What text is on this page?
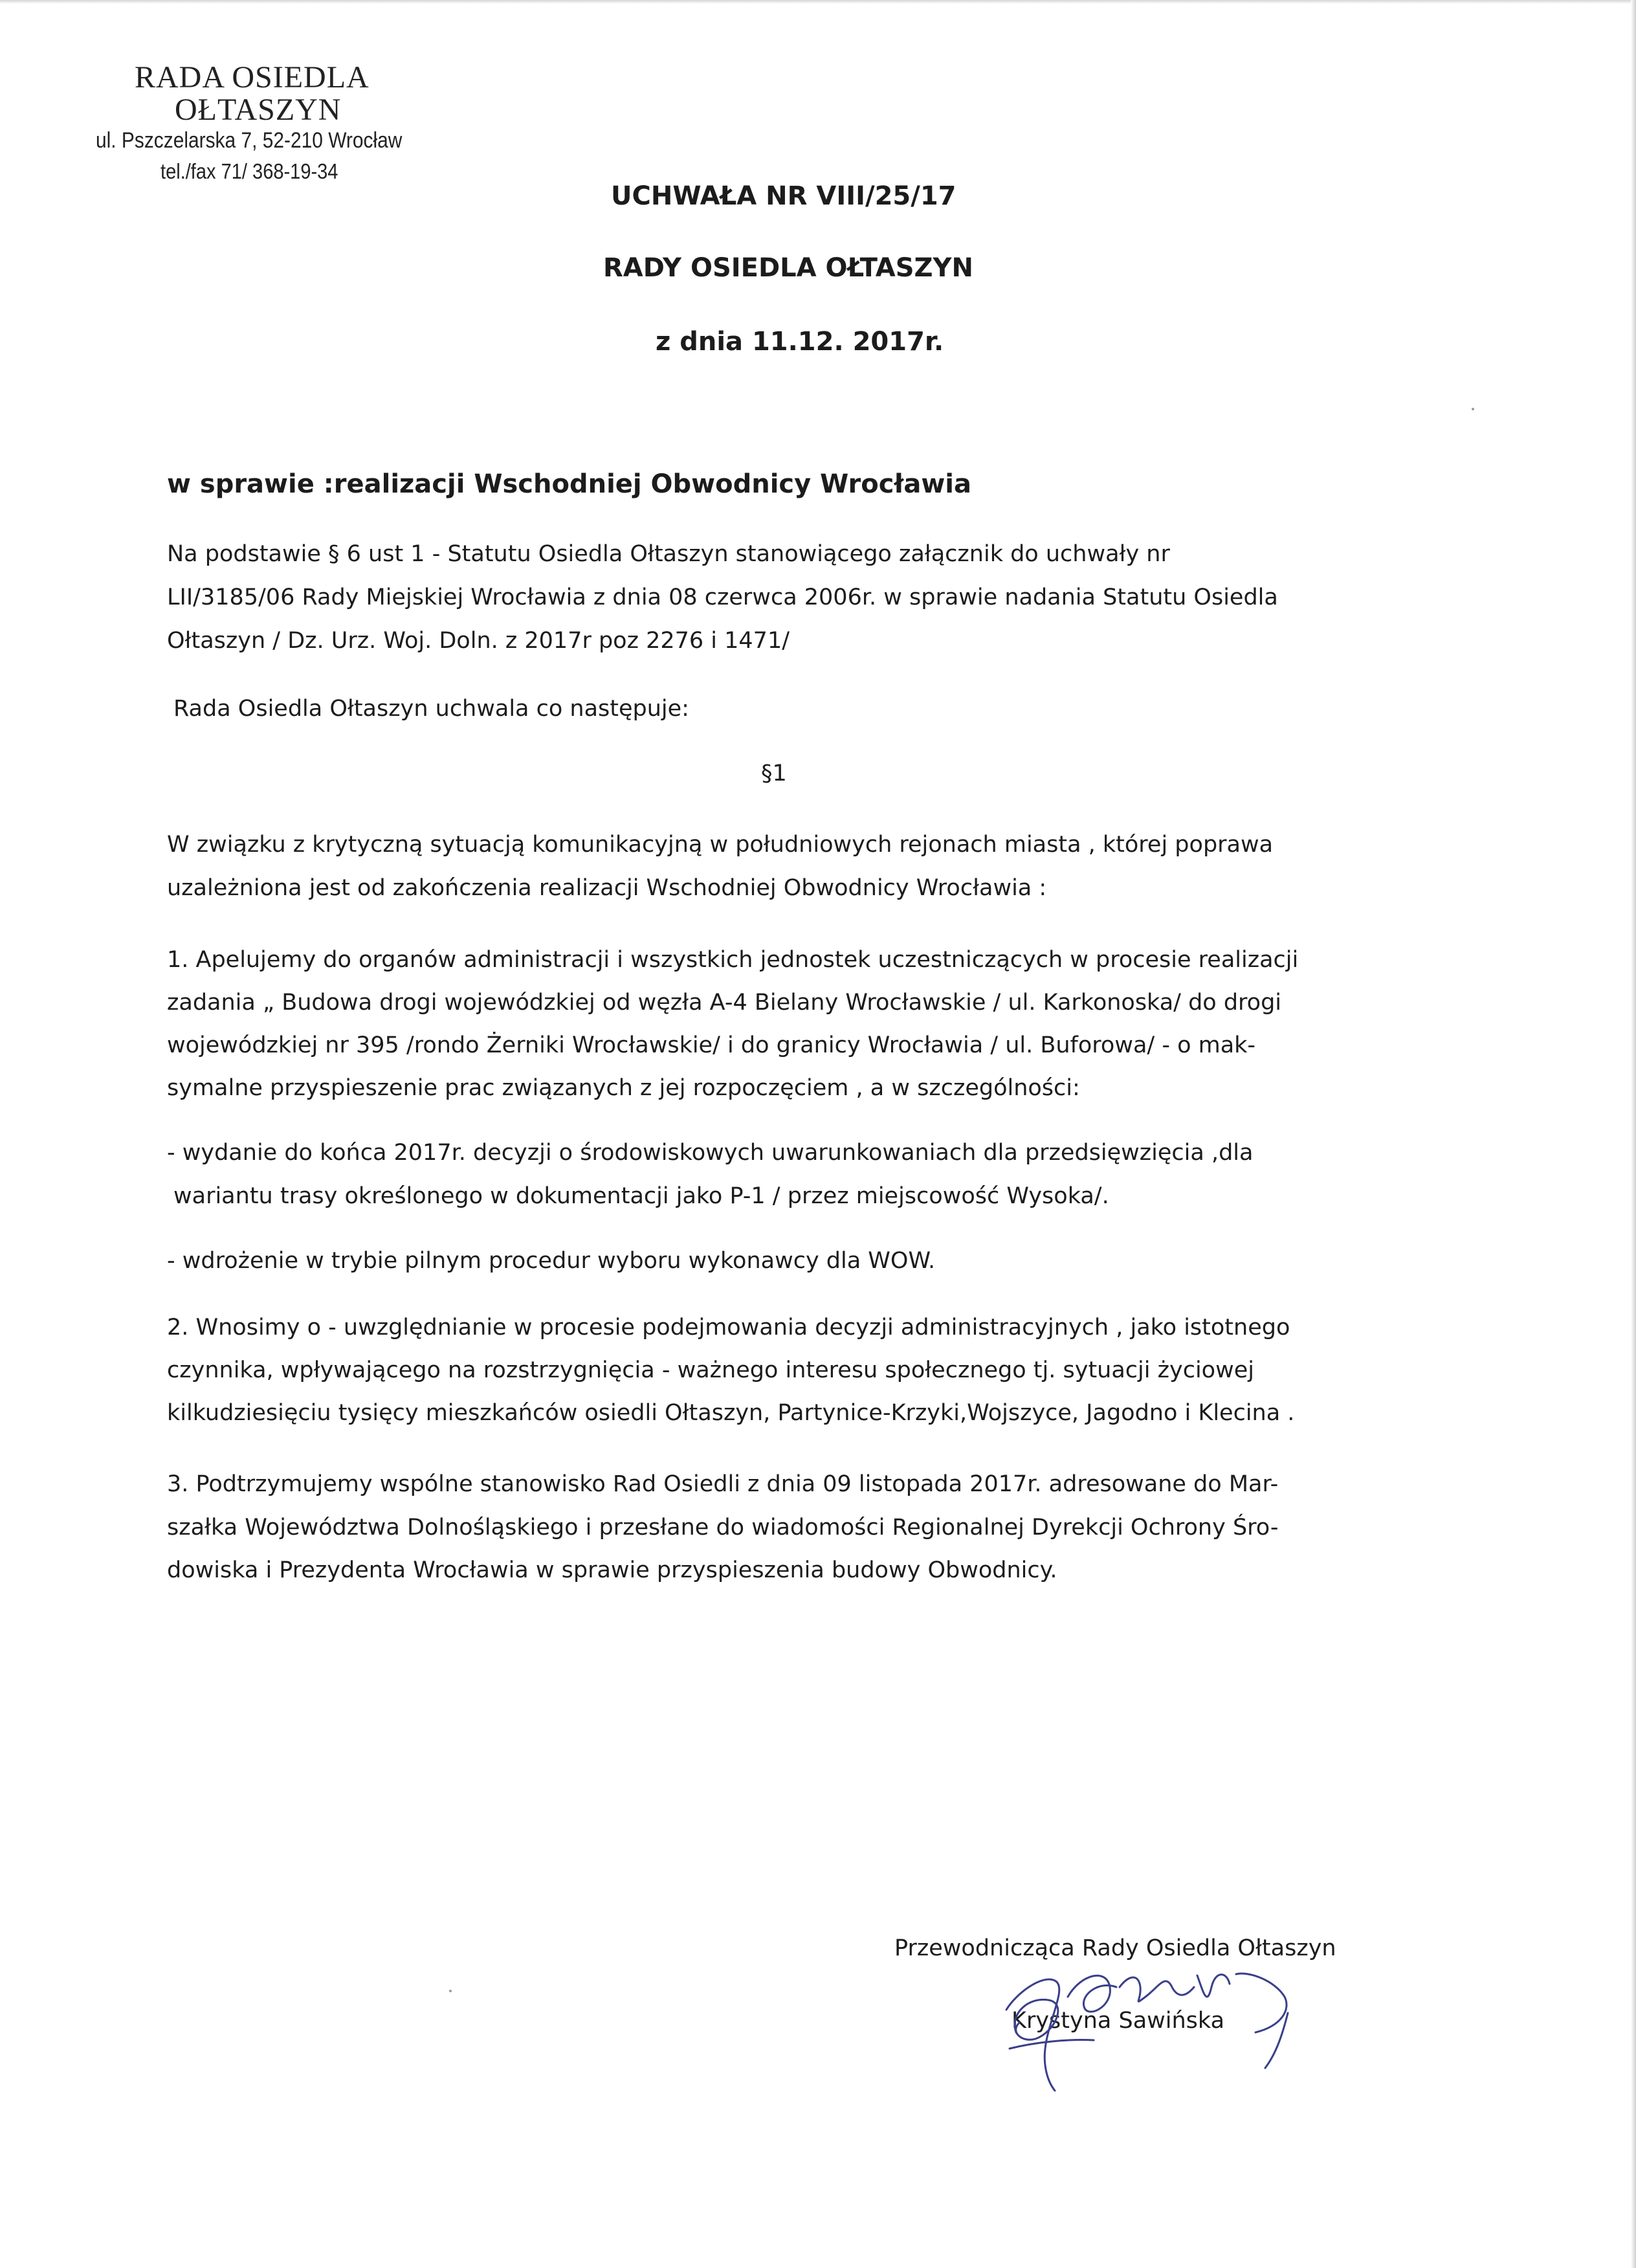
RADA OSIEDLA
OŁTASZYN
ul. Pszczelarska 7, 52-210 Wrocław
tel./fax 71/ 368-19-34
UCHWAŁA NR VIII/25/17
RADY OSIEDLA OŁTASZYN
z dnia 11.12. 2017r.
w sprawie :realizacji Wschodniej Obwodnicy Wrocławia
Na podstawie § 6 ust 1 - Statutu Osiedla Ołtaszyn stanowiącego załącznik do uchwały nr
LII/3185/06 Rady Miejskiej Wrocławia z dnia 08 czerwca 2006r. w sprawie nadania Statutu Osiedla
Ołtaszyn / Dz. Urz. Woj. Doln. z 2017r poz 2276 i 1471/
Rada Osiedla Ołtaszyn uchwala co następuje:
§1
W związku z krytyczną sytuacją komunikacyjną w południowych rejonach miasta , której poprawa
uzależniona jest od zakończenia realizacji Wschodniej Obwodnicy Wrocławia :
1. Apelujemy do organów administracji i wszystkich jednostek uczestniczących w procesie realizacji
zadania „ Budowa drogi wojewódzkiej od węzła A-4 Bielany Wrocławskie / ul. Karkonoska/ do drogi
wojewódzkiej nr 395 /rondo Żerniki Wrocławskie/ i do granicy Wrocławia / ul. Buforowa/ - o mak-
symalne przyspieszenie prac związanych z jej rozpoczęciem , a w szczególności:
- wydanie do końca 2017r. decyzji o środowiskowych uwarunkowaniach dla przedsięwzięcia ,dla
wariantu trasy określonego w dokumentacji jako P-1 / przez miejscowość Wysoka/.
- wdrożenie w trybie pilnym procedur wyboru wykonawcy dla WOW.
2. Wnosimy o - uwzględnianie w procesie podejmowania decyzji administracyjnych , jako istotnego
czynnika, wpływającego na rozstrzygnięcia - ważnego interesu społecznego tj. sytuacji życiowej
kilkudziesięciu tysięcy mieszkańców osiedli Ołtaszyn, Partynice-Krzyki,Wojszyce, Jagodno i Klecina .
3. Podtrzymujemy wspólne stanowisko Rad Osiedli z dnia 09 listopada 2017r. adresowane do Mar-
szałka Województwa Dolnośląskiego i przesłane do wiadomości Regionalnej Dyrekcji Ochrony Śro-
dowiska i Prezydenta Wrocławia w sprawie przyspieszenia budowy Obwodnicy.
Przewodnicząca Rady Osiedla Ołtaszyn
Krystyna Sawińska
